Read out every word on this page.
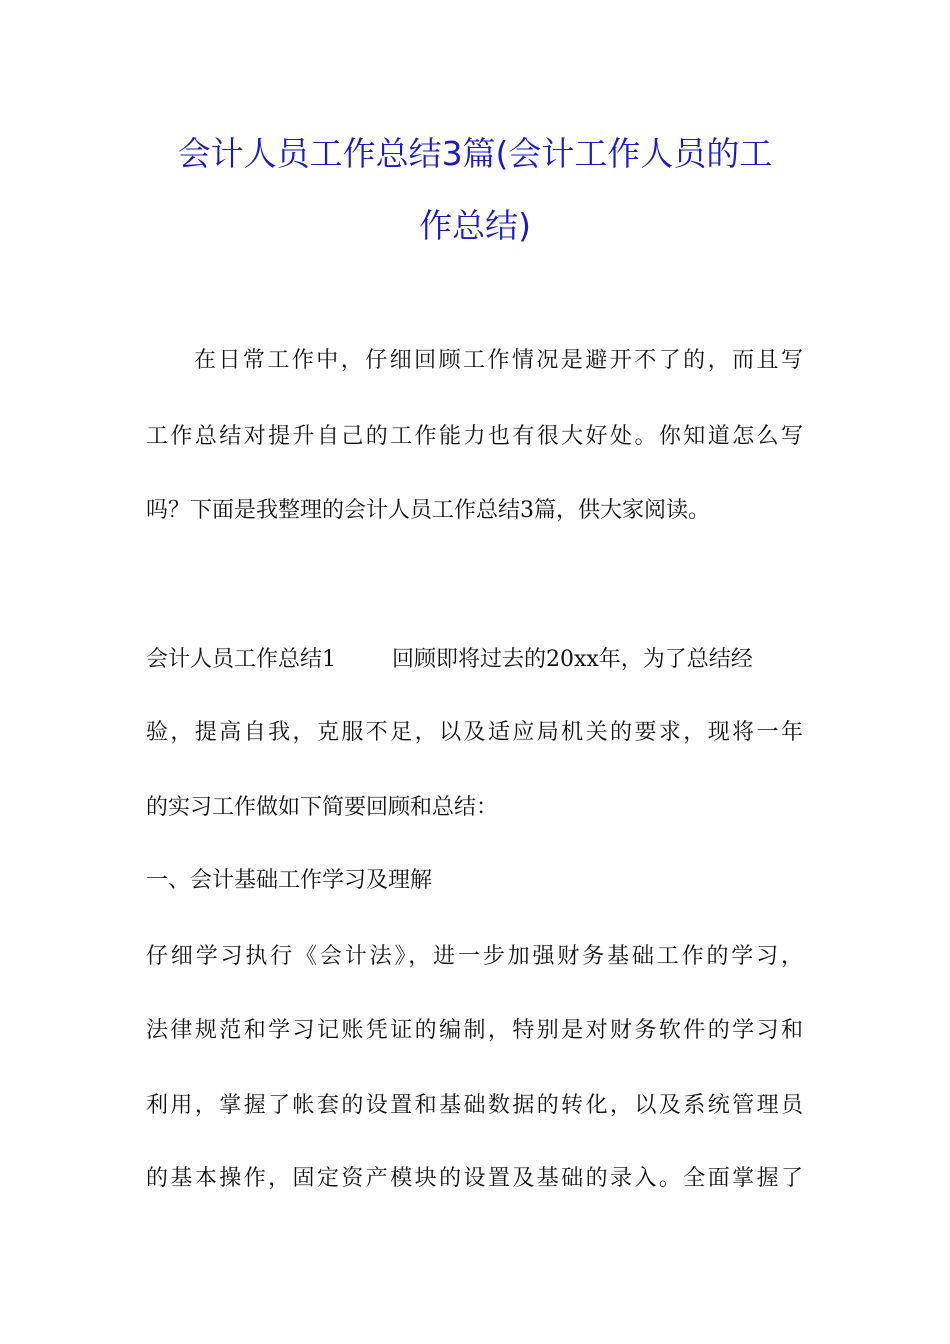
会计人员工作总结3篇(会计工作人员的工
作总结)
在日常工作中，仔细回顾工作情况是避开不了的，而且写
工作总结对提升自己的工作能力也有很大好处。你知道怎么写
吗？下面是我整理的会计人员工作总结3篇，供大家阅读。
会计人员工作总结1        回顾即将过去的20xx年，为了总结经
验，提高自我，克服不足，以及适应局机关的要求，现将一年
的实习工作做如下简要回顾和总结：
一、会计基础工作学习及理解
仔细学习执行《会计法》，进一步加强财务基础工作的学习，
法律规范和学习记账凭证的编制，特别是对财务软件的学习和
利用，掌握了帐套的设置和基础数据的转化，以及系统管理员
的基本操作，固定资产模块的设置及基础的录入。全面掌握了
